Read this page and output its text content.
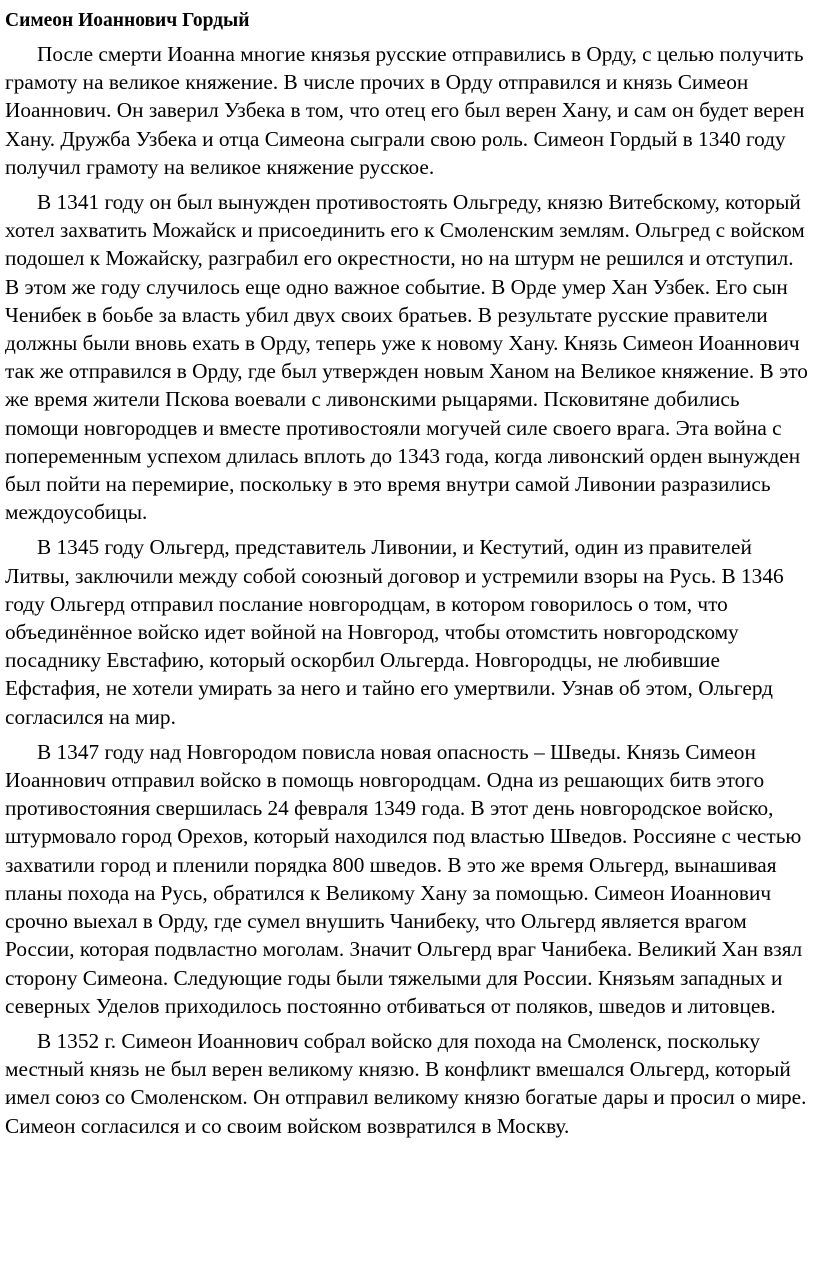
Симеон Иоаннович Гордый

После смерти Иоанна многие князья русские отправились в Орду, с целью получить грамоту на великое княжение. В числе прочих в Орду отправился и князь Симеон Иоаннович. Он заверил Узбека в том, что отец его был верен Хану, и сам он будет верен Хану. Дружба Узбека и отца Симеона сыграли свою роль. Симеон Гордый в 1340 году получил грамоту на великое княжение русское.

В 1341 году он был вынужден противостоять Ольгреду, князю Витебскому, который хотел захватить Можайск и присоединить его к Смоленским землям. Ольгред с войском подошел к Можайску, разграбил его окрестности, но на штурм не решился и отступил. В этом же году случилось еще одно важное событие. В Орде умер Хан Узбек. Его сын Ченибек в боьбе за власть убил двух своих братьев. В результате русские правители должны были вновь ехать в Орду, теперь уже к новому Хану. Князь Симеон Иоаннович так же отправился в Орду, где был утвержден новым Ханом на Великое княжение. В это же время жители Пскова воевали с ливонскими рыцарями. Псковитяне добились помощи новгородцев и вместе противостояли могучей силе своего врага. Эта война с попеременным успехом длилась вплоть до 1343 года, когда ливонский орден вынужден был пойти на перемирие, поскольку в это время внутри самой Ливонии разразились междоусобицы.

В 1345 году Ольгерд, представитель Ливонии, и Кестутий, один из правителей Литвы, заключили между собой союзный договор и устремили взоры на Русь. В 1346 году Ольгерд отправил послание новгородцам, в котором говорилось о том, что объединённое войско идет войной на Новгород, чтобы отомстить новгородскому посаднику Евстафию, который оскорбил Ольгерда. Новгородцы, не любившие Ефстафия, не хотели умирать за него и тайно его умертвили. Узнав об этом, Ольгерд согласился на мир.

В 1347 году над Новгородом повисла новая опасность – Шведы. Князь Симеон Иоаннович отправил войско в помощь новгородцам. Одна из решающих битв этого противостояния свершилась 24 февраля 1349 года. В этот день новгородское войско, штурмовало город Орехов, который находился под властью Шведов. Россияне с честью захватили город и пленили порядка 800 шведов. В это же время Ольгерд, вынашивая планы похода на Русь, обратился к Великому Хану за помощью. Симеон Иоаннович срочно выехал в Орду, где сумел внушить Чанибеку, что Ольгерд является врагом России, которая подвластно моголам. Значит Ольгерд враг Чанибека. Великий Хан взял сторону Симеона. Следующие годы были тяжелыми для России. Князьям западных и северных Уделов приходилось постоянно отбиваться от поляков, шведов и литовцев.

В 1352 г. Симеон Иоаннович собрал войско для похода на Смоленск, поскольку местный князь не был верен великому князю. В конфликт вмешался Ольгерд, который имел союз со Смоленском. Он отправил великому князю богатые дары и просил о мире. Симеон согласился и со своим войском возвратился в Москву.
